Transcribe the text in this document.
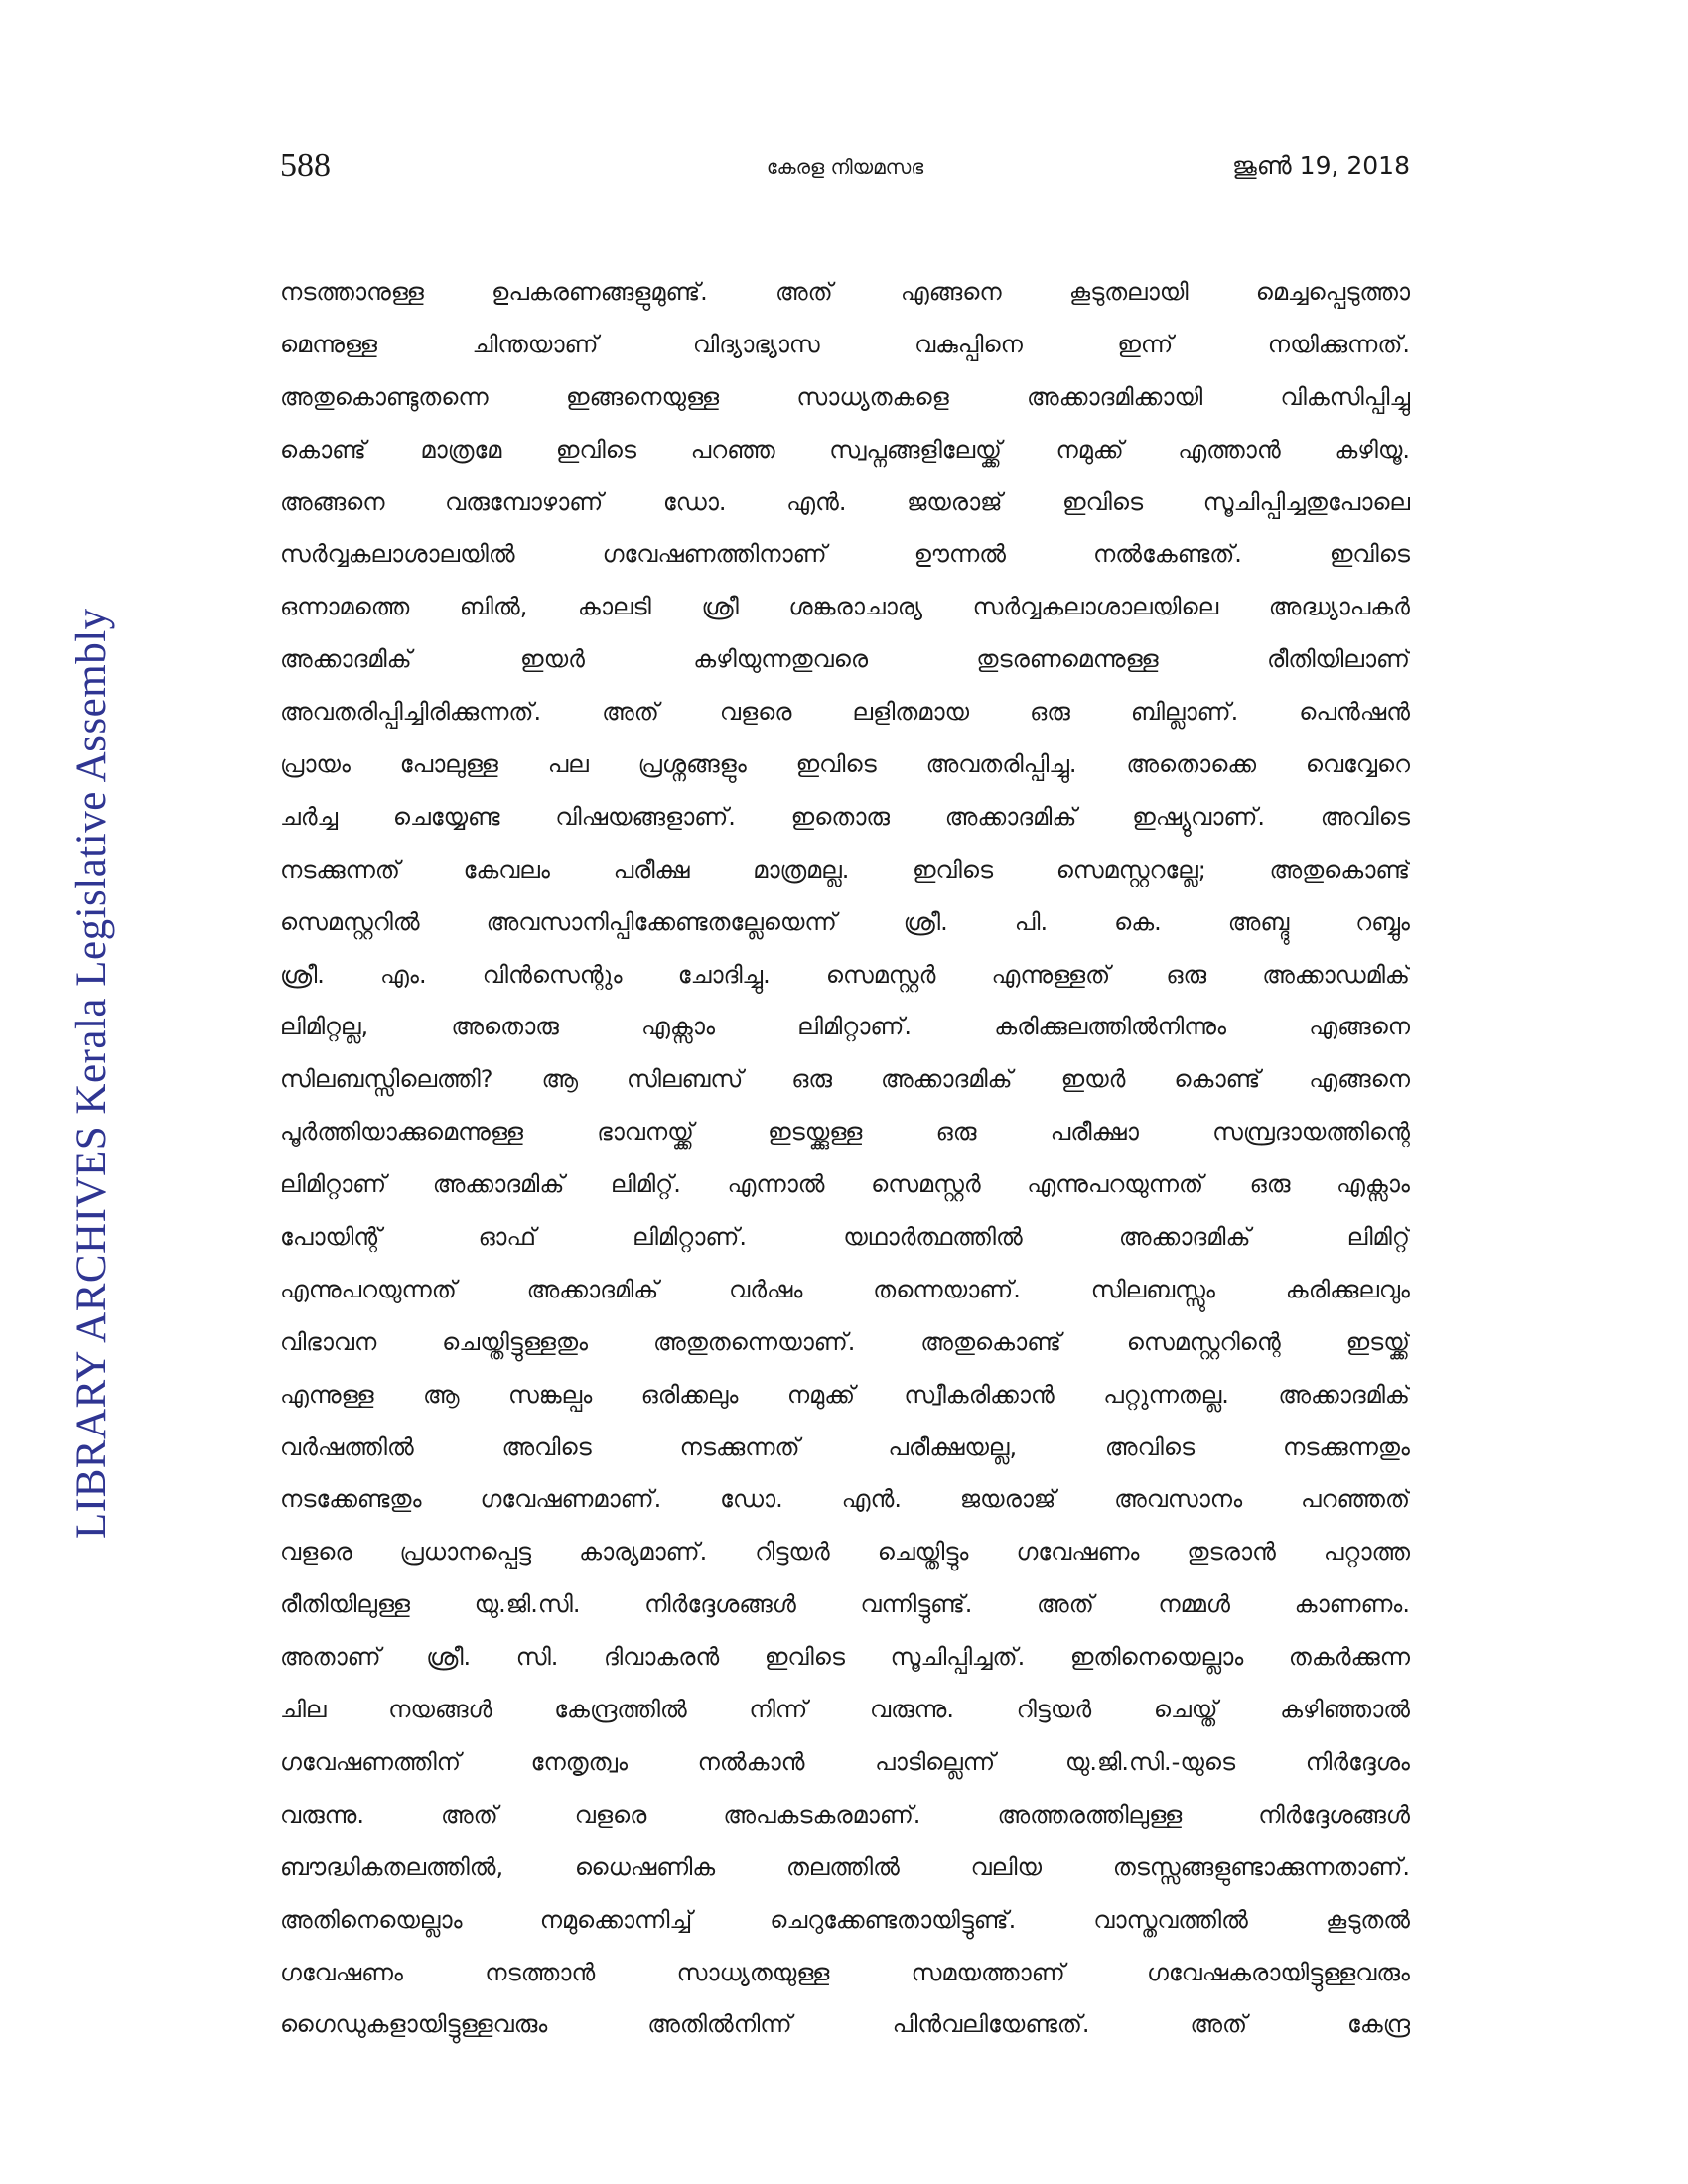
LIBRARY ARCHIVES Kerala Legislative Assembly
588	കേരള നിയമസഭ	ജൂൺ 19, 2018
നടത്താനുള്ള ഉപകരണങ്ങളുമുണ്ട്. അത് എങ്ങനെ കൂടുതലായി മെച്ചപ്പെടുത്താ
മെന്നുള്ള ചിന്തയാണ് വിദ്യാഭ്യാസ വകുപ്പിനെ ഇന്ന് നയിക്കുന്നത്.
അതുകൊണ്ടുതന്നെ ഇങ്ങനെയുള്ള സാധ്യതകളെ അക്കാദമിക്കായി വികസിപ്പിച്ചു
കൊണ്ട് മാത്രമേ ഇവിടെ പറഞ്ഞ സ്വപ്നങ്ങളിലേയ്ക്ക് നമുക്ക് എത്താൻ കഴിയൂ.
അങ്ങനെ വരുമ്പോഴാണ് ഡോ. എൻ. ജയരാജ് ഇവിടെ സൂചിപ്പിച്ചതുപോലെ
സർവ്വകലാശാലയിൽ ഗവേഷണത്തിനാണ് ഊന്നൽ നൽകേണ്ടത്. ഇവിടെ
ഒന്നാമത്തെ ബിൽ, കാലടി ശ്രീ ശങ്കരാചാര്യ സർവ്വകലാശാലയിലെ അദ്ധ്യാപകർ
അക്കാദമിക് ഇയർ കഴിയുന്നതുവരെ തുടരണമെന്നുള്ള രീതിയിലാണ്
അവതരിപ്പിച്ചിരിക്കുന്നത്. അത് വളരെ ലളിതമായ ഒരു ബില്ലാണ്. പെൻഷൻ
പ്രായം പോലുള്ള പല പ്രശ്നങ്ങളും ഇവിടെ അവതരിപ്പിച്ചു. അതൊക്കെ വെവ്വേറെ
ചർച്ച ചെയ്യേണ്ട വിഷയങ്ങളാണ്. ഇതൊരു അക്കാദമിക് ഇഷ്യുവാണ്. അവിടെ
നടക്കുന്നത് കേവലം പരീക്ഷ മാത്രമല്ല. ഇവിടെ സെമസ്റ്ററല്ലേ; അതുകൊണ്ട്
സെമസ്റ്ററിൽ അവസാനിപ്പിക്കേണ്ടതല്ലേയെന്ന് ശ്രീ. പി. കെ. അബ്ദു റബ്ബും
ശ്രീ. എം. വിൻസെന്റും ചോദിച്ചു. സെമസ്റ്റർ എന്നുള്ളത് ഒരു അക്കാഡമിക്
ലിമിറ്റല്ല, അതൊരു എക്സാം ലിമിറ്റാണ്. കരിക്കുലത്തിൽനിന്നും എങ്ങനെ
സിലബസ്സിലെത്തി? ആ സിലബസ് ഒരു അക്കാദമിക് ഇയർ കൊണ്ട് എങ്ങനെ
പൂർത്തിയാക്കുമെന്നുള്ള ഭാവനയ്ക്ക് ഇടയ്ക്കുള്ള ഒരു പരീക്ഷാ സമ്പ്രദായത്തിന്റെ
ലിമിറ്റാണ് അക്കാദമിക് ലിമിറ്റ്. എന്നാൽ സെമസ്റ്റർ എന്നുപറയുന്നത് ഒരു എക്സാം
പോയിന്റ് ഓഫ് ലിമിറ്റാണ്. യഥാർത്ഥത്തിൽ അക്കാദമിക് ലിമിറ്റ്
എന്നുപറയുന്നത് അക്കാദമിക് വർഷം തന്നെയാണ്. സിലബസ്സും കരിക്കുലവും
വിഭാവന ചെയ്തിട്ടുള്ളതും അതുതന്നെയാണ്. അതുകൊണ്ട് സെമസ്റ്ററിന്റെ ഇടയ്ക്ക്
എന്നുള്ള ആ സങ്കല്പം ഒരിക്കലും നമുക്ക് സ്വീകരിക്കാൻ പറ്റുന്നതല്ല. അക്കാദമിക്
വർഷത്തിൽ അവിടെ നടക്കുന്നത് പരീക്ഷയല്ല, അവിടെ നടക്കുന്നതും
നടക്കേണ്ടതും ഗവേഷണമാണ്. ഡോ. എൻ. ജയരാജ് അവസാനം പറഞ്ഞത്
വളരെ പ്രധാനപ്പെട്ട കാര്യമാണ്. റിട്ടയർ ചെയ്തിട്ടും ഗവേഷണം തുടരാൻ പറ്റാത്ത
രീതിയിലുള്ള യു.ജി.സി. നിർദ്ദേശങ്ങൾ വന്നിട്ടുണ്ട്. അത് നമ്മൾ കാണണം.
അതാണ് ശ്രീ. സി. ദിവാകരൻ ഇവിടെ സൂചിപ്പിച്ചത്. ഇതിനെയെല്ലാം തകർക്കുന്ന
ചില നയങ്ങൾ കേന്ദ്രത്തിൽ നിന്ന് വരുന്നു. റിട്ടയർ ചെയ്ത് കഴിഞ്ഞാൽ
ഗവേഷണത്തിന് നേതൃത്വം നൽകാൻ പാടില്ലെന്ന് യു.ജി.സി.-യുടെ നിർദ്ദേശം
വരുന്നു. അത് വളരെ അപകടകരമാണ്. അത്തരത്തിലുള്ള നിർദ്ദേശങ്ങൾ
ബൗദ്ധികതലത്തിൽ, ധൈഷണിക തലത്തിൽ വലിയ തടസ്സങ്ങളുണ്ടാക്കുന്നതാണ്.
അതിനെയെല്ലാം നമുക്കൊന്നിച്ച് ചെറുക്കേണ്ടതായിട്ടുണ്ട്. വാസ്തവത്തിൽ കൂടുതൽ
ഗവേഷണം നടത്താൻ സാധ്യതയുള്ള സമയത്താണ് ഗവേഷകരായിട്ടുള്ളവരും
ഗൈഡുകളായിട്ടുള്ളവരും അതിൽനിന്ന് പിൻവലിയേണ്ടത്. അത് കേന്ദ്ര
